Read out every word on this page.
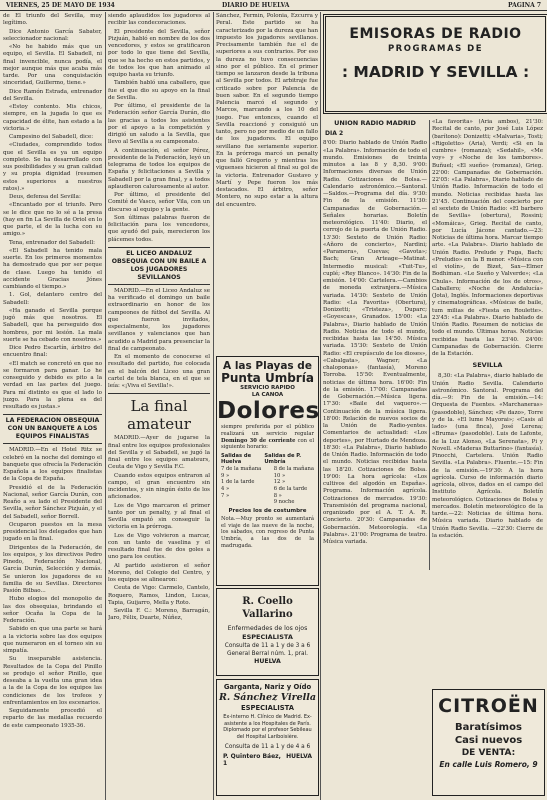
VIERNES, 25 DE MAYO DE 1934	DIARIO DE HUELVA	PAGINA 7

de El triunfo del Sevilla, muy legítimo.

Dice Antonio García Sabater, seleccionador nacional:

«No he habido más que un equipo, el Sevilla. El Sabadell, ni final invencible, nunca podía, el mejor aunque más que acaba más tarde. Por una conquistación sinceridad, Guillermo, tiene.»

Dice Ramón Estrada, entrenador del Sevilla.

«Estoy contento. Mis chicos, siempre, en la jugada lo que es capacidad de élite, han estado a la victoria.»

Campesino del Sabadell, dice:

«Ciudades, comprendido todos que el Sevilla es ya un equipo completo. Se ha desarrollado con sus posibilidades y su gran calidad y su propia dignidad (resumen estos superiores a nuestros ratos).»

Deus, defensa del Sevilla:

«Encantado por el triunfo. Pero se le dice que no lo sé a la presa (hay en fin La Sevilla de Oriol en lo que parte, el de la lucha con su amigo.»

Tena, entrenador del Sabadell:

«El Sabadell ha tenido mala suerte. En los primeros momentos ha demostrado que por ser peque de clase. Luego ha tenido el accidente Gracias Jónes cambiando el tiempo.»

1. Gol, delantero centro del Sabadell:

«Ha ganado el Sevilla porque jugó más que nosotros. El Sabadell, que ha perseguido dos hombres, por mi lesión. La mala suerte se ha cebado con nosotros.»

Dice Pedro Escartín, árbitro del encuentro final:

«El match se concretó en que no se formaron para ganar. Lo he conseguido y debido es pito a la verdad en las partes del juego. Para mí distinto es que el lado lo juzgo. Para la plena es del resultado es justas.»

LA FEDERACION OBSEQUIA CON UN BANQUETE A LOS EQUIPOS FINALISTAS

MADRID.—En el Hotel Ritz se celebró en la noche del domingo el banquete que ofrecía la Federación Española a los equipos finalistas de la Copa de España.

Presidió el de la Federación Nacional, señor García Durán, con Reaño a su lado el Presidente del Sevilla, señor Sánchez Pizjuán, y el del Sabadell, señor Borrell.

Ocuparon puestos en la mesa presidencial los delegados que han jugado en la final.

Dirigentes de la Federación, de los equipos, y los directivos Pedro Pinedo, Federación Nacional, García Durán, Selección y demás. Se unieron los jugadores de su familia de su Sevillas. Directores Pasión Bilbao...

Hubo elogios del monopolio de las dos obsequias, brindando el señor Ocaña la Copa de la Federación.

Sabido en que una parte se hará a la victoria sobre las dos equipos que numeraron en el torneo sin su simpatía.

Su inseparable asistencia. Resultados de la Copa del Pinillo se produjo el señor Pinillo, que deseaba a la vuelta una gran idea a la de la Copa de los equipos las condiciones de los trofeos y enfrentamientos en los escenarios.

Seguidamente procedió el reparto de las medallas recuerdo de este campeonato 1935-36.

siendo aplaudidos los jugadores al recibir las condecoraciones.

El presidente del Sevilla, señor Pizjuán, habló en nombre de los dos vencedores, y estos se gratificaron por todo lo que tiene del Sevilla, que se ha hecho en estos partidos, y de todos los que han animado al equipo hasta su triunfo.

También habló una caballero, que fue el que dio su apoyo en la final de Sevilla.

Por último, el presidente de la Federación señor García Durán, dio las gracias a todos los asistentes por el apoyo a la competición y dirigió un saludo a la Sevilla, que llevo al Sevilla a su campeonato.

A continuación, el señor Pérez, presidente de la Federación, leyó un telegrama de todos los equipos de España y felicitaciones a Sevilla y Sabadell por la gran final, y a todos aplaudieron calurosamente al autor.

Por último, el presidente del Comité de Vasco, señor Vila, con un discurso al equipo y la gente.

Son últimas palabras fueron de felicitación para los vencedores, que ayudó del país, merecieron los plácemes todos.

EL LICEO ANDALUZ OBSEQUIA CON UN BAILE A LOS JUGADORES SEVILLANOS

MADRID.—En el Liceo Andaluz se ha verificado el domingo un baile extraordinario en honor de los campeones de fútbol del Sevilla. Al que fueron invitados, especialmente, los jugadores sevillanos y valencianos que han acudido a Madrid para presenciar la final de campeonato.

En el momento de conocerse el resultado del partido, fue colocada en el balcón del Liceo una gran cartel de tela blanca, en el que se leía: «¡Viva el Sevilla!».

La final amateur

MADRID.—Ayer de jugarse la final entre los equipos profesionales del Sevilla y el Sabadell, se jugó la final entre los equipos amateurs, Ceuta de Vigo y Sevilla F.C.

Cuando estos equipos entraron al campo, el gran encuentro sin incidentes, y sin ningún éxito de los aficionados.

Los de Vigo marcaron el primer tanto por un penalty, y al final el Sevilla empató sin conseguir la victoria en la prórroga.

Los de Vigo volvieron a marcar, con un tanto de vaselina y el resultado final fue de dos goles a uno para los ceutíes.

Al partido asistieron el señor Moreno, del Colegio del Centro, y los equipos se alinearon:

Ceuta de Vigo: Carmelo, Cantelo, Roquero, Ramos, Lindon, Lucas, Tapia, Guijarro, Mella y Roto.

Sevilla F. C.: Moreno, Barragán, Jaro, Félix, Duarte, Núñez,

Sánchez, Fermín, Polonia, Ezcurra y Peral. Este partido se ha caracterizado por la dureza que han impuesto los jugadores sevillanos. Precisamente también fue el de superiores a sus contrarios. Por eso la dureza no tuvo consecuencias sino por el público. En el primer tiempo se lanzaron desde la tribuna al Sevilla por todos. El arbitraje fue criticado sobre por Palencia de buen sabor. En el segundo tiempo Palencia marcó el segundo y Marcos, marcando a los 10 del juego. Fue entonces, cuando el Sevilla reaccionó y consiguió un tanto, pero no por medio de un fallo de los jugadores. El equipo sevillano fue seriamente superior. En la prórroga marcó un penalty que falló Gregorio y mientras los viguenses hicieron al final su gol de la victoria. Entrenador Gustavo y Martí y Pepe fueron los más destacados. El árbitro, señor Montero, no supo estar a la altura del encuentro.

A las Playas de
Punta Umbría
SERVICIO RAPIDO
LA CANOA
Dolores
siempre preferida por el público realizará un servicio regular Domingo 30 de corriente con el siguiente horario:
Salidas de Huelva
Salidas de P. Umbría
7 de la mañana
9 »
1 de la tarde
4 »
7 »
8 de la mañana
10 »
12 »
6 de la tarde
8 »
9 noche
Precios los de costumbre
Nota.—Muy pronto se aumentará el viaje de las nueve de la noche, los sábados, con regreso de Punta Umbría, a las dos de la madrugada.
R. Coello Vallarino
Enfermedades de los ojos
ESPECIALISTA
Consulta de 11 a 1 y de 3 a 6
General Berral núm. 1, pral.
HUELVA
Garganta, Nariz y Oído
R. Sánchez Virella
ESPECIALISTA
Ex-interno H. Clínico de Madrid. Ex-asistente a los Hospitales de París. Diplomado por el profesor Sebileau del Hospital Lariboisière.
Consulta de 11 a 1 y de 4 a 6
P. Quintero Báez, 1
HUELVA
EMISORAS DE RADIO
PROGRAMAS DE
: MADRID Y SEVILLA :
UNION RADIO MADRID
DIA 2

8'00: Diario hablado de Unión Radio «La Palabra». Información de todo el mundo. Emisiones de treinta minutos a las 8 y 8,30. 9'00: Informaciones diversas de Unión Radio. Cotizaciones de Bolsa.—Calendario astronómico.—Santoral.—Saldos.—Programa del día. 9'30: Fin de la emisión. 11'30: Campanadas de Gobernación.—Señales horarias. Boletín meteorológico. 11'40: Diario, el cerrojo de la puerta de Unión Radio. 13'30: Sexteto de Unión Radio: «Añoro de concierto», Nardini; «Paramera», Cuevas; «Gavota»; Bach; Gran Arteage—Matinat. Intermedio musical: «Tuit-Tu», cuplé; «Rey Blanco». 14'30: Fin de la emisión. 14'00: Cartelera.—Cambios de moneda extranjera.—Música variada. 14'30: Sexteto de Unión Radio: «La Favorita» (Obertura), Donizetti; «Tristeza», Duparc; «Goyescas», Granados. 15'00: «La Palabra», Diario hablado de Unión Radio. Noticias de todo el mundo, recibidas hasta las 14'50. Música variada. 15'30: Sexteto de Unión Radio: «El crepúsculo de los dioses», «Cabalgata», Wagner; «La chaloponas» (fantasía), Moreno Torroba. 15'50: Eventualmente, noticias de última hora. 16'00: Fin de la emisión. 17'00: Campanadas de Gobernación.—Música ligera. 17'30: «Baile del vaquero».—Continuación de la música ligera. 18'00: Relación de nuevos socios de la Unión de Radio-yentes. Comentarios de actualidad: «Los deportes», por Hurtado de Mendoza. 18'30: «La Palabra», Diario hablado de Unión Radio. Información de todo el mundo. Noticias recibidas hasta las 18'20. Cotizaciones de Bolsa. 19'00: La hora agrícola: «Los cultivos del algodón en España». Programa. Información agrícola. Cotizaciones de mercados. 19'30: Transmisión del programa nacional, organizado por el A. T. A. R. Concierto. 20'30: Campanadas de Gobernación. Meteorología. «La Palabra». 21'00: Programa de teatro. Música variada.

«La favorita» (Aria ambos), 21'30: Recital de canto, por José Luis López (barítono): Donizetti; «Malvaria», Tosti; «Rigoletto» (Aria), Verdi; «Si en la cumbre» (romanza); «Sedahil», «Me voy» y «Noche de los tambores». Buñuel; «El sueño» (romanza), Grieg. 22'00: Campanadas de Gobernación. 22'05: «La Palabra», Diario hablado de Unión Radio. Información de todo el mundo. Noticias recibidas hasta las 21'45. Continuación del concierto por el sexteto de Unión Radio: «El barbero de Sevilla» (obertura), Rossini; «Momáica», Grieg. Recital de canto, por Lucía Jácone cantado.—23: Noticias de última hora. Marcar tiempo arte. «La Palabra». Diario hablado de Unión Radio. Prelude y Fuga, Bach; «Preludio» en la B menor. «Música con el violín», de Bizet, Sax—Elmer Bodhiman. «Le Sueño y Valverde»; «La Chula». Información de los de otros», Caballero; «Noche de Andalucía» (Jota), Inglés. Informaciones deportivas y cinematográficas. «Músicas de baile, tum milias de «Fiesta en Roulette». 23'45: «La Palabra». Diario hablado de Unión Radio. Resumen de noticias de todo el mundo. Últimas horas. Noticias recibidas hasta las 23'40. 24'00: Campanadas de Gobernación. Cierre de la Estación.

SEVILLA

8,30: «La Palabra», diario hablado de Unión Radio Sevilla. Calendario astronómico. Santoral. Programa del día.—9: Fin de la emisión.—14: Orquesta de Fuentes. «Marchaneras» (pasodoble), Sánchez; «Pe dazo», Torre y de la. «El lume Mayorai»; «Casis al lado» (una finca), José Lerena; «Bruma» (pasodoble). Luis de Lafonte, de la Luz Alonso, «La Serenata», Pi y Novell. «Maderas Buttarino» (fantasía). Pinocchi, Cartelera. Unión Radio Sevilla. «La Palabra». Fluente.—15: Fin de la emisión.—19'30: A la hora agrícola. Curso de información diario agrícola, olivos, dados en el campo del Instituto Agrícola. Boletín meteorológico. Cotizaciones de Bolsa y mercados. Boletín meteorológico de la tarde.—22: Noticias de última hora. Música variada. Diario hablado de Unión Radio Sevilla. —22'30: Cierre de la estación.

CITROËN
Baratísimos
Casi nuevos
DE VENTA:
En calle Luis Romero, 9
